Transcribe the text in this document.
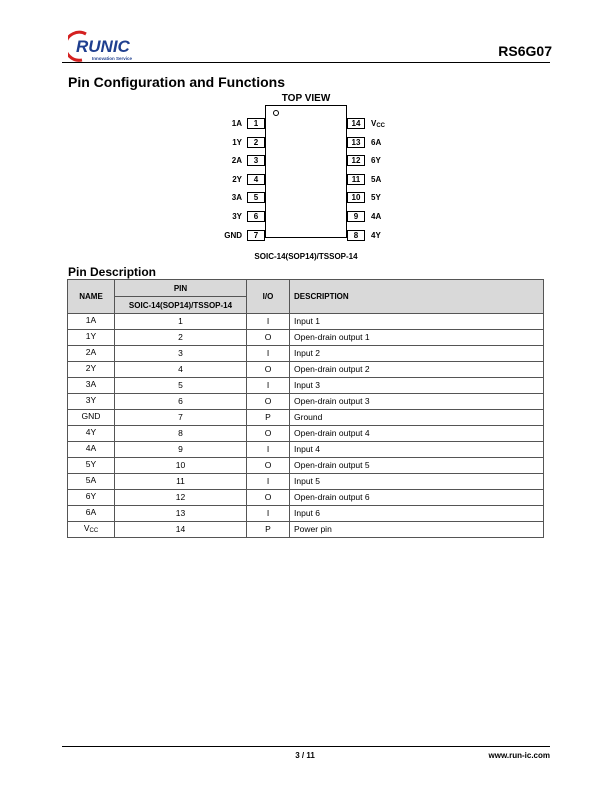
RUNIC
Innovation Service	RS6G07
Pin Configuration and Functions
TOP VIEW
1A	1
1Y	2
2A	3
2Y	4
3A	5
3Y	6
GND	7
14	$V_{CC}$
13	6A
12	6Y
11	5A
10	5Y
9	4A
8	4Y
SOIC-14(SOP14)/TSSOP-14
Pin Description
NAME	PIN	I/O	DESCRIPTION
	SOIC-14(SOP14)/TSSOP-14		
1A	1	I	Input 1
1Y	2	O	Open-drain output 1
2A	3	I	Input 2
2Y	4	O	Open-drain output 2
3A	5	I	Input 3
3Y	6	O	Open-drain output 3
GND	7	P	Ground
4Y	8	O	Open-drain output 4
4A	9	I	Input 4
5Y	10	O	Open-drain output 5
5A	11	I	Input 5
6Y	12	O	Open-drain output 6
6A	13	I	Input 6
$V_{CC}$	14	P	Power pin
3 / 11	www.run-ic.com
